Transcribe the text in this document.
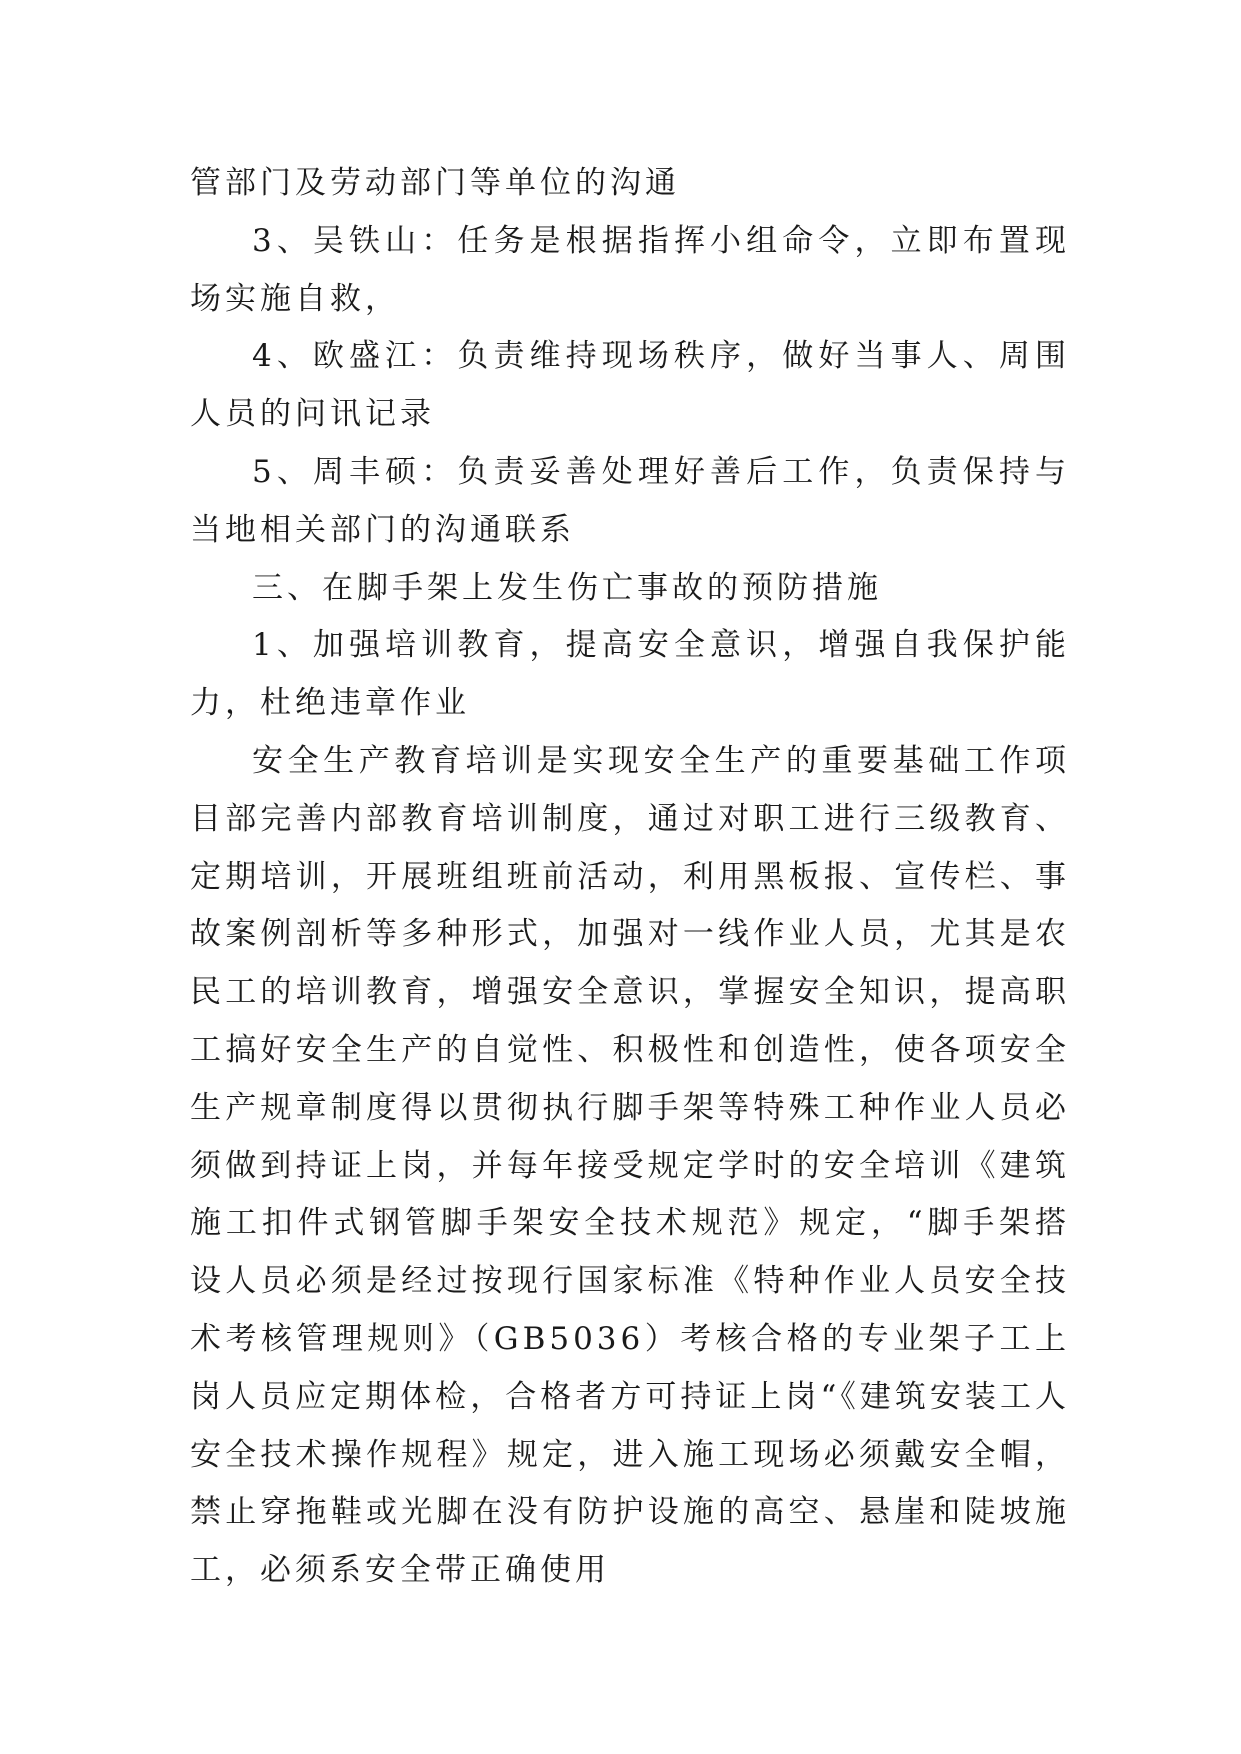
管部门及劳动部门等单位的沟通

3、吴铁山：任务是根据指挥小组命令，立即布置现场实施自救，

4、欧盛江：负责维持现场秩序，做好当事人、周围人员的问讯记录

5、周丰硕：负责妥善处理好善后工作，负责保持与当地相关部门的沟通联系

三、在脚手架上发生伤亡事故的预防措施

1、加强培训教育，提高安全意识，增强自我保护能力，杜绝违章作业

安全生产教育培训是实现安全生产的重要基础工作项目部完善内部教育培训制度，通过对职工进行三级教育、定期培训，开展班组班前活动，利用黑板报、宣传栏、事故案例剖析等多种形式，加强对一线作业人员，尤其是农民工的培训教育，增强安全意识，掌握安全知识，提高职工搞好安全生产的自觉性、积极性和创造性，使各项安全生产规章制度得以贯彻执行脚手架等特殊工种作业人员必须做到持证上岗，并每年接受规定学时的安全培训《建筑施工扣件式钢管脚手架安全技术规范》规定，“脚手架搭设人员必须是经过按现行国家标准《特种作业人员安全技术考核管理规则》（GB5036）考核合格的专业架子工上岗人员应定期体检，合格者方可持证上岗“《建筑安装工人安全技术操作规程》规定，进入施工现场必须戴安全帽，禁止穿拖鞋或光脚在没有防护设施的高空、悬崖和陡坡施工，必须系安全带正确使用
